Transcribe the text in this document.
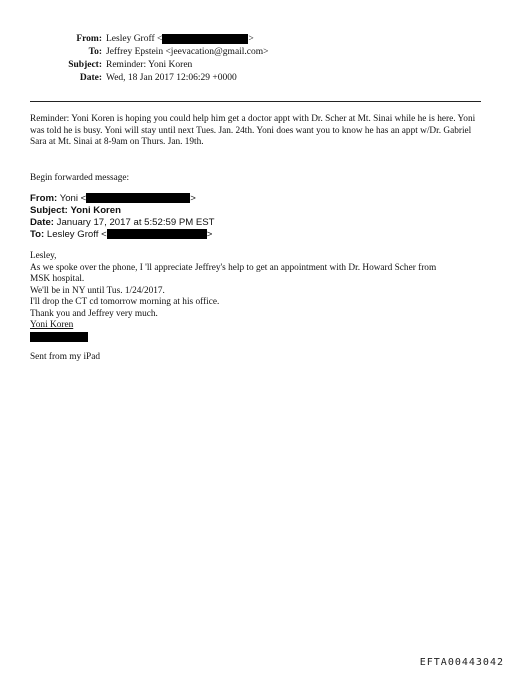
From: Lesley Groff <	>
To: Jeffrey Epstein <jeevacation@gmail.com>
Subject: Reminder: Yoni Koren
Date: Wed, 18 Jan 2017 12:06:29 +0000
Reminder: Yoni Koren is hoping you could help him get a doctor appt with Dr. Scher at Mt. Sinai while he is here. Yoni was told he is busy. Yoni will stay until next Tues. Jan. 24th. Yoni does want you to know he has an appt w/Dr. Gabriel Sara at Mt. Sinai at 8-9am on Thurs. Jan. 19th.
Begin forwarded message:
From: Yoni <	>
Subject: Yoni Koren
Date: January 17, 2017 at 5:52:59 PM EST
To: Lesley Groff <	>
Lesley,
As we spoke over the phone, I 'll appreciate Jeffrey's help to get an appointment with Dr. Howard Scher from
MSK hospital.
We'll be in NY until Tus. 1/24/2017.
I'll drop the CT cd tomorrow morning at his office.
Thank you and Jeffrey very much.
Yoni Koren
Sent from my iPad
EFTA00443042
